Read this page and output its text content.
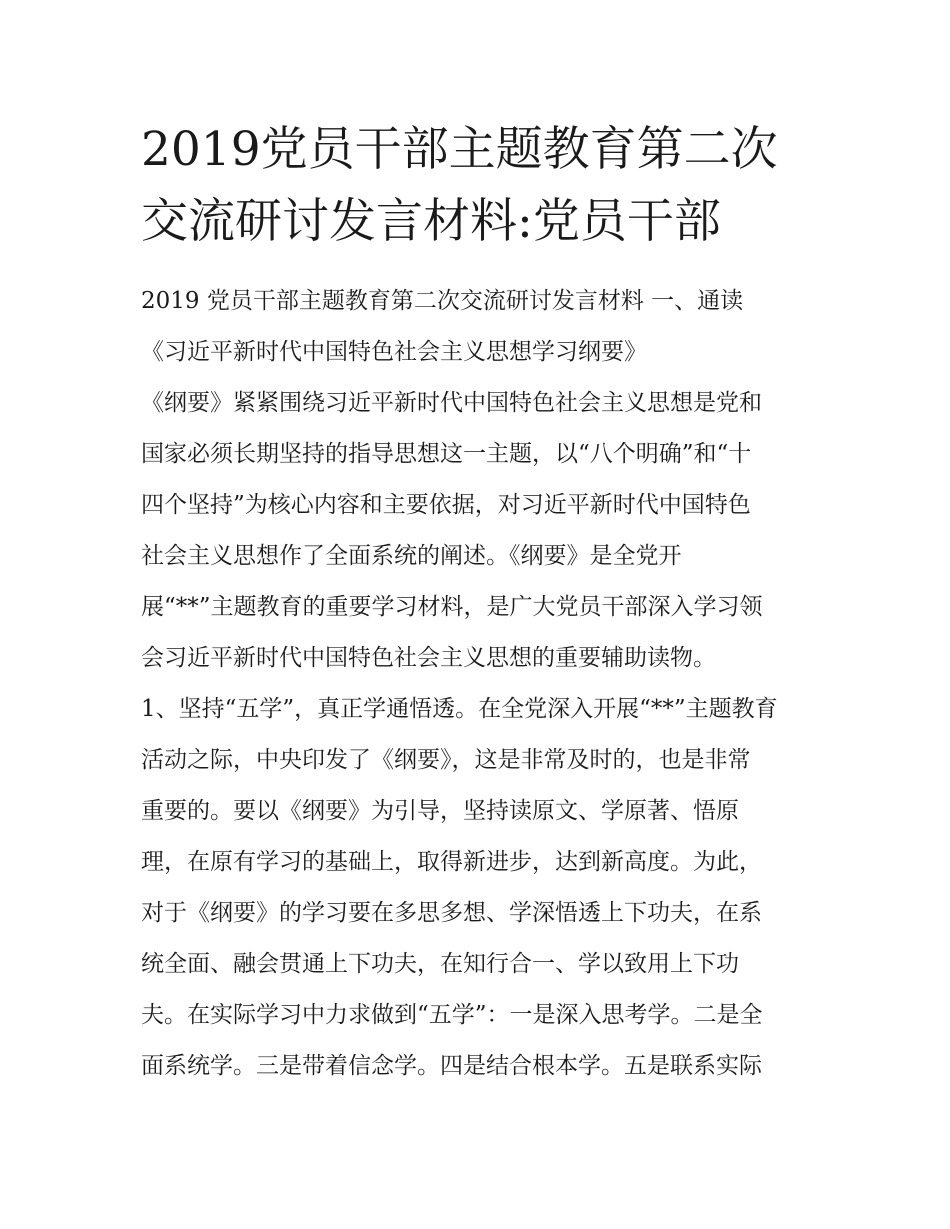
2019党员干部主题教育第二次
交流研讨发言材料:党员干部
2019 党员干部主题教育第二次交流研讨发言材料 一、通读
《习近平新时代中国特色社会主义思想学习纲要》
《纲要》紧紧围绕习近平新时代中国特色社会主义思想是党和
国家必须长期坚持的指导思想这一主题，以“八个明确”和“十
四个坚持”为核心内容和主要依据，对习近平新时代中国特色
社会主义思想作了全面系统的阐述。《纲要》是全党开
展“**”主题教育的重要学习材料，是广大党员干部深入学习领
会习近平新时代中国特色社会主义思想的重要辅助读物。
1、坚持“五学”，真正学通悟透。在全党深入开展“**”主题教育
活动之际，中央印发了《纲要》，这是非常及时的，也是非常
重要的。要以《纲要》为引导，坚持读原文、学原著、悟原
理，在原有学习的基础上，取得新进步，达到新高度。为此，
对于《纲要》的学习要在多思多想、学深悟透上下功夫，在系
统全面、融会贯通上下功夫，在知行合一、学以致用上下功
夫。在实际学习中力求做到“五学”：一是深入思考学。二是全
面系统学。三是带着信念学。四是结合根本学。五是联系实际
